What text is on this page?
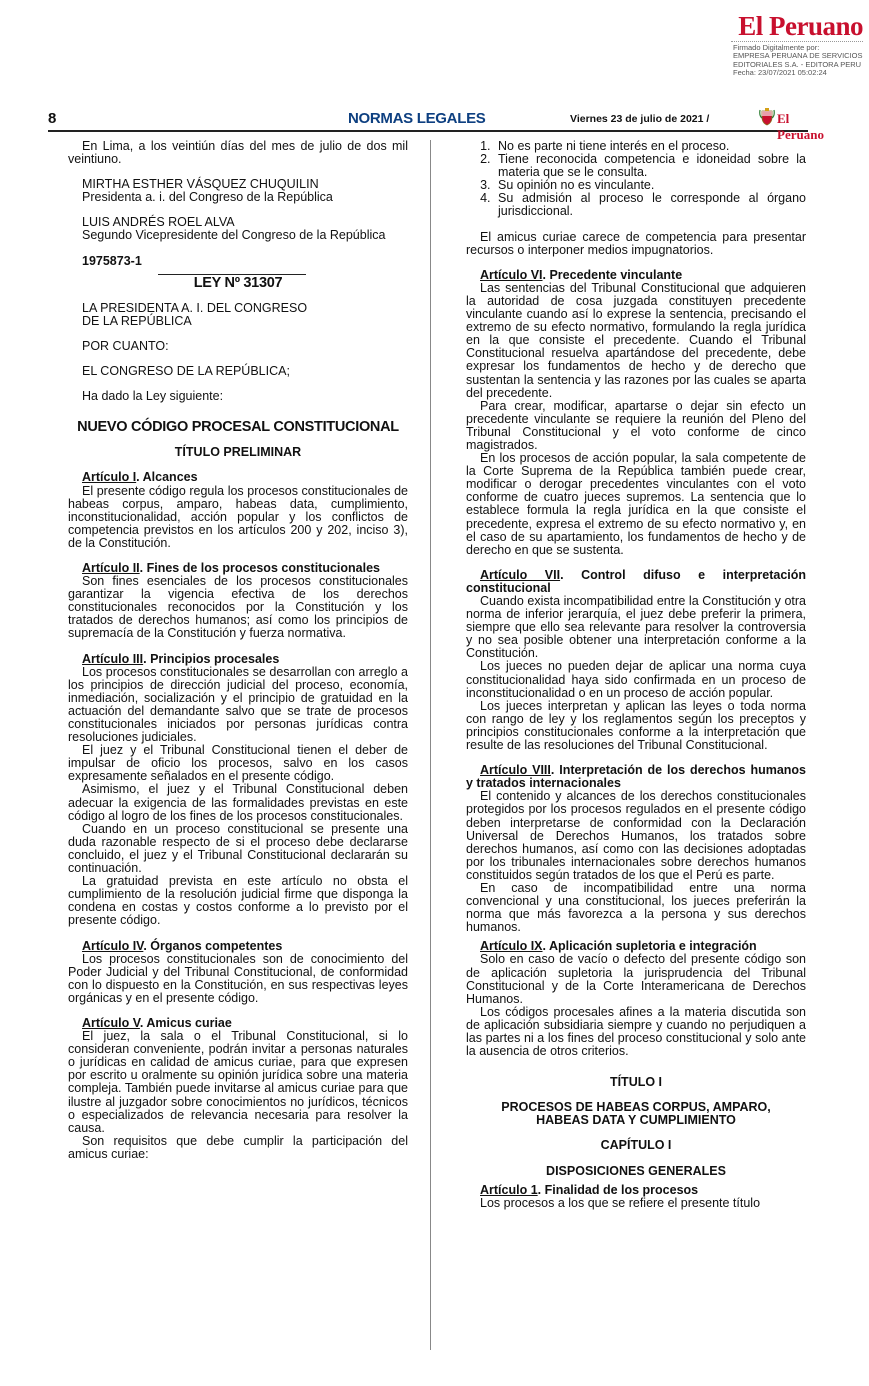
El Peruano
Firmado Digitalmente por:
EMPRESA PERUANA DE SERVICIOS
EDITORIALES S.A. - EDITORA PERU
Fecha: 23/07/2021 05:02:24
8	NORMAS LEGALES	Viernes 23 de julio de 2021 /	El Peruano

En Lima, a los veintiún días del mes de julio de dos mil veintiuno.

MIRTHA ESTHER VÁSQUEZ CHUQUILIN

Presidenta a. i. del Congreso de la República

LUIS ANDRÉS ROEL ALVA

Segundo Vicepresidente del Congreso de la República

1975873-1

LEY Nº 31307

LA PRESIDENTA A. I. DEL CONGRESO

DE LA REPÚBLICA

POR CUANTO:

EL CONGRESO DE LA REPÚBLICA;

Ha dado la Ley siguiente:

NUEVO CÓDIGO PROCESAL CONSTITUCIONAL

TÍTULO PRELIMINAR

Artículo I. Alcances

El presente código regula los procesos constitucionales de habeas corpus, amparo, habeas data, cumplimiento, inconstitucionalidad, acción popular y los conflictos de competencia previstos en los artículos 200 y 202, inciso 3), de la Constitución.

Artículo II. Fines de los procesos constitucionales

Son fines esenciales de los procesos constitucionales garantizar la vigencia efectiva de los derechos constitucionales reconocidos por la Constitución y los tratados de derechos humanos; así como los principios de supremacía de la Constitución y fuerza normativa.

Artículo III. Principios procesales

Los procesos constitucionales se desarrollan con arreglo a los principios de dirección judicial del proceso, economía, inmediación, socialización y el principio de gratuidad en la actuación del demandante salvo que se trate de procesos constitucionales iniciados por personas jurídicas contra resoluciones judiciales.

El juez y el Tribunal Constitucional tienen el deber de impulsar de oficio los procesos, salvo en los casos expresamente señalados en el presente código.

Asimismo, el juez y el Tribunal Constitucional deben adecuar la exigencia de las formalidades previstas en este código al logro de los fines de los procesos constitucionales.

Cuando en un proceso constitucional se presente una duda razonable respecto de si el proceso debe declararse concluido, el juez y el Tribunal Constitucional declararán su continuación.

La gratuidad prevista en este artículo no obsta el cumplimiento de la resolución judicial firme que disponga la condena en costas y costos conforme a lo previsto por el presente código.

Artículo IV. Órganos competentes

Los procesos constitucionales son de conocimiento del Poder Judicial y del Tribunal Constitucional, de conformidad con lo dispuesto en la Constitución, en sus respectivas leyes orgánicas y en el presente código.

Artículo V. Amicus curiae

El juez, la sala o el Tribunal Constitucional, si lo consideran conveniente, podrán invitar a personas naturales o jurídicas en calidad de amicus curiae, para que expresen por escrito u oralmente su opinión jurídica sobre una materia compleja. También puede invitarse al amicus curiae para que ilustre al juzgador sobre conocimientos no jurídicos, técnicos o especializados de relevancia necesaria para resolver la causa.

Son requisitos que debe cumplir la participación del amicus curiae:

1. No es parte ni tiene interés en el proceso.
2. Tiene reconocida competencia e idoneidad sobre la materia que se le consulta.
3. Su opinión no es vinculante.
4. Su admisión al proceso le corresponde al órgano jurisdiccional.

El amicus curiae carece de competencia para presentar recursos o interponer medios impugnatorios.

Artículo VI. Precedente vinculante

Las sentencias del Tribunal Constitucional que adquieren la autoridad de cosa juzgada constituyen precedente vinculante cuando así lo exprese la sentencia, precisando el extremo de su efecto normativo, formulando la regla jurídica en la que consiste el precedente. Cuando el Tribunal Constitucional resuelva apartándose del precedente, debe expresar los fundamentos de hecho y de derecho que sustentan la sentencia y las razones por las cuales se aparta del precedente.

Para crear, modificar, apartarse o dejar sin efecto un precedente vinculante se requiere la reunión del Pleno del Tribunal Constitucional y el voto conforme de cinco magistrados.

En los procesos de acción popular, la sala competente de la Corte Suprema de la República también puede crear, modificar o derogar precedentes vinculantes con el voto conforme de cuatro jueces supremos. La sentencia que lo establece formula la regla jurídica en la que consiste el precedente, expresa el extremo de su efecto normativo y, en el caso de su apartamiento, los fundamentos de hecho y de derecho en que se sustenta.

Artículo VII. Control difuso e interpretación constitucional

Cuando exista incompatibilidad entre la Constitución y otra norma de inferior jerarquía, el juez debe preferir la primera, siempre que ello sea relevante para resolver la controversia y no sea posible obtener una interpretación conforme a la Constitución.

Los jueces no pueden dejar de aplicar una norma cuya constitucionalidad haya sido confirmada en un proceso de inconstitucionalidad o en un proceso de acción popular.

Los jueces interpretan y aplican las leyes o toda norma con rango de ley y los reglamentos según los preceptos y principios constitucionales conforme a la interpretación que resulte de las resoluciones del Tribunal Constitucional.

Artículo VIII. Interpretación de los derechos humanos y tratados internacionales

El contenido y alcances de los derechos constitucionales protegidos por los procesos regulados en el presente código deben interpretarse de conformidad con la Declaración Universal de Derechos Humanos, los tratados sobre derechos humanos, así como con las decisiones adoptadas por los tribunales internacionales sobre derechos humanos constituidos según tratados de los que el Perú es parte.

En caso de incompatibilidad entre una norma convencional y una constitucional, los jueces preferirán la norma que más favorezca a la persona y sus derechos humanos.

Artículo IX. Aplicación supletoria e integración

Solo en caso de vacío o defecto del presente código son de aplicación supletoria la jurisprudencia del Tribunal Constitucional y de la Corte Interamericana de Derechos Humanos.

Los códigos procesales afines a la materia discutida son de aplicación subsidiaria siempre y cuando no perjudiquen a las partes ni a los fines del proceso constitucional y solo ante la ausencia de otros criterios.

TÍTULO I

PROCESOS DE HABEAS CORPUS, AMPARO,

HABEAS DATA Y CUMPLIMIENTO

CAPÍTULO I

DISPOSICIONES GENERALES

Artículo 1. Finalidad de los procesos

Los procesos a los que se refiere el presente título
